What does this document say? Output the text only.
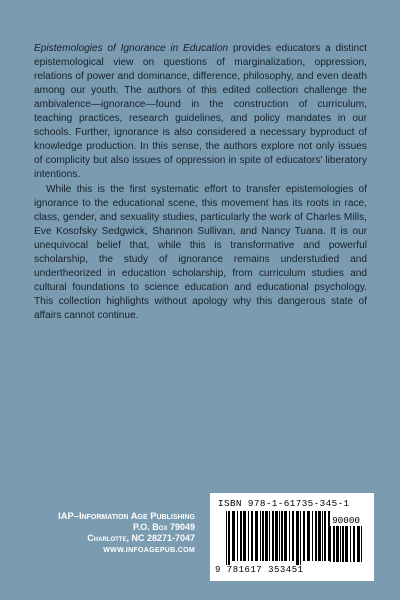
Epistemologies of Ignorance in Education provides educators a distinct epistemological view on questions of marginalization, oppression, relations of power and dominance, difference, philosophy, and even death among our youth. The authors of this edited collection challenge the ambivalence—ignorance—found in the construction of curriculum, teaching practices, research guidelines, and policy mandates in our schools. Further, ignorance is also considered a necessary byproduct of knowledge production. In this sense, the authors explore not only issues of complicity but also issues of oppression in spite of educators’ liberatory intentions.

While this is the first systematic effort to transfer epistemologies of ignorance to the educational scene, this movement has its roots in race, class, gender, and sexuality studies, particularly the work of Charles Mills, Eve Kosofsky Sedgwick, Shannon Sullivan, and Nancy Tuana. It is our unequivocal belief that, while this is transformative and powerful scholarship, the study of ignorance remains understudied and undertheorized in education scholarship, from curriculum studies and cultural foundations to science education and educational psychology. This collection highlights without apology why this dangerous state of affairs cannot continue.

IAP–Information Age Publishing
P.O. Box 79049
Charlotte, NC 28271-7047
WWW.INFOAGEPUB.COM
ISBN 978-1-61735-345-1
90000
9 781617 353451
